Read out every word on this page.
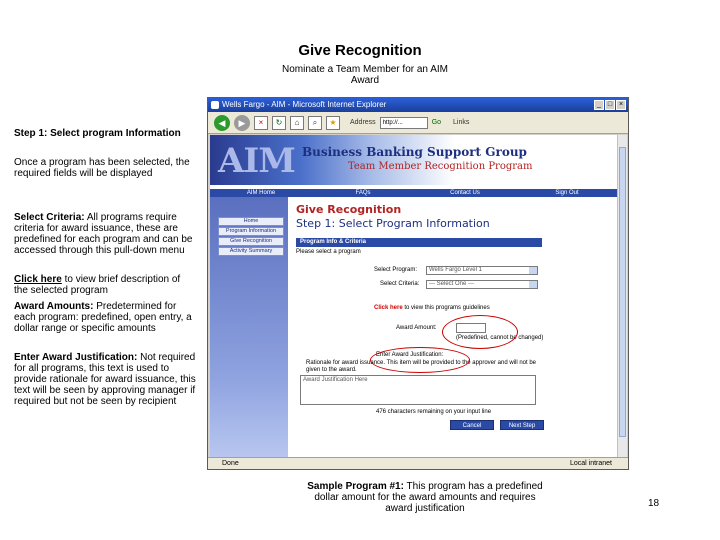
Give Recognition
Nominate a Team Member for an AIM Award
Step 1: Select program Information
Once a program has been selected, the required fields will be displayed
Select Criteria: All programs require criteria for award issuance, these are predefined for each program and can be accessed through this pull-down menu
Click here to view brief description of the selected program
Award Amounts: Predetermined for each program: predefined, open entry, a dollar range or specific amounts
Enter Award Justification: Not required for all programs, this text is used to provide rationale for award issuance, this text will be seen by approving manager if required but not be seen by recipient
Wells Fargo - AIM - Microsoft Internet Explorer	_ □ ×
◀	▶	×	↻	⌂	⌕	★	Address	http://...	Go Links
AIM Business Banking Support Group
Team Member Recognition Program
AIM Home	FAQs	Contact Us	Sign Out
Home
Program Information
Give Recognition
Activity Summary
Give Recognition
Step 1: Select Program Information
Program Info & Criteria
Please select a program
Select Program:	Wells Fargo Level 1
Select Criteria:	--- Select One ---
Click here to view this programs guidelines
Award Amount:
(Predefined, cannot be changed)
Enter Award Justification:
Rationale for award issuance. This item will be provided to the approver and will not be given to the award.
Award Justification Here
476 characters remaining on your input line
Cancel	Next Step
Done	Local intranet
Sample Program #1: This program has a predefined dollar amount for the award amounts and requires award justification	18
